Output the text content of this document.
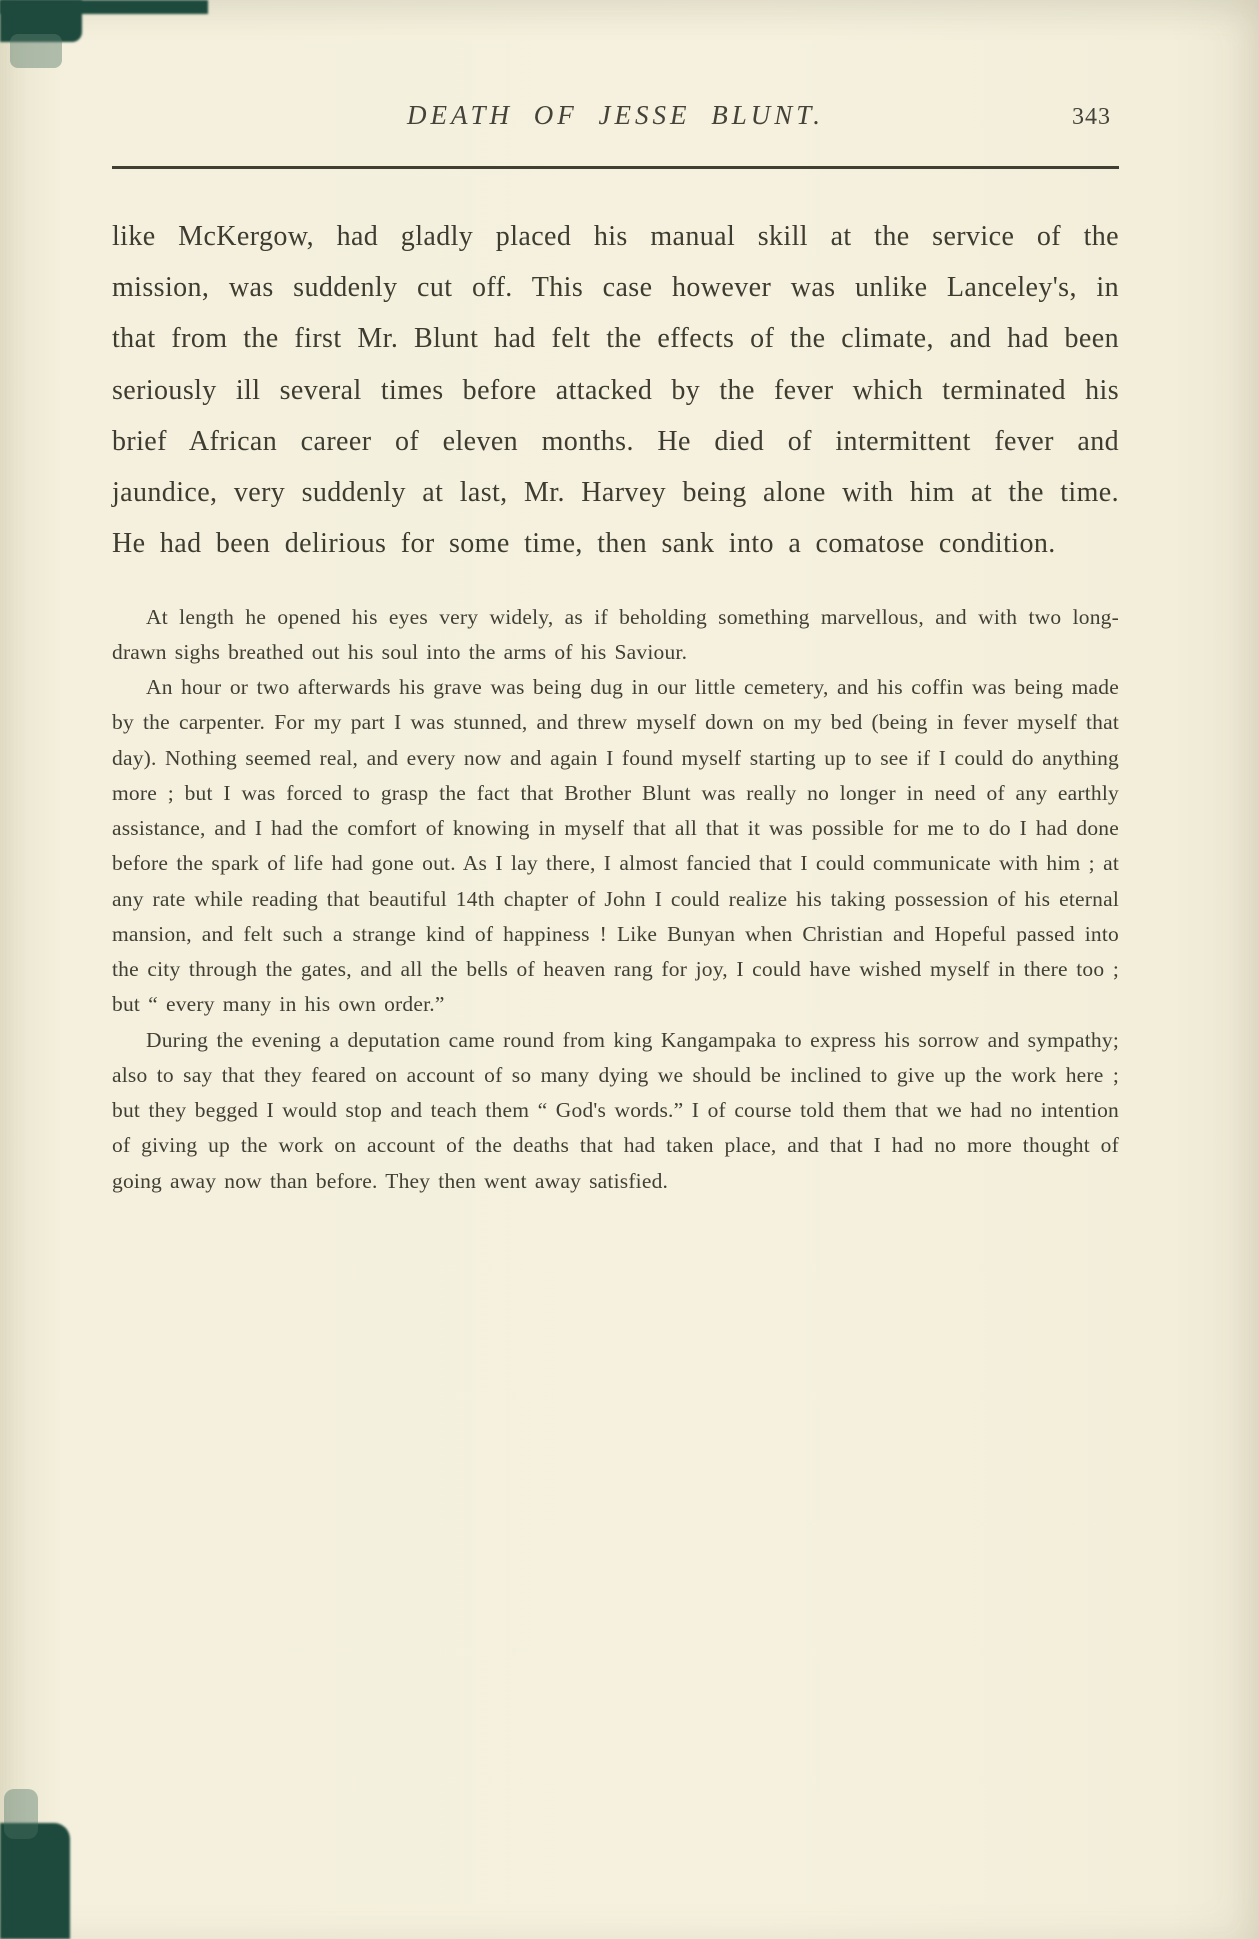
DEATH OF JESSE BLUNT.	343

like McKergow, had gladly placed his manual skill at the service of the mission, was suddenly cut off. This case however was unlike Lanceley's, in that from the first Mr. Blunt had felt the effects of the climate, and had been seriously ill several times before attacked by the fever which terminated his brief African career of eleven months. He died of intermittent fever and jaundice, very suddenly at last, Mr. Harvey being alone with him at the time. He had been delirious for some time, then sank into a comatose condition.

At length he opened his eyes very widely, as if beholding something marvellous, and with two long-drawn sighs breathed out his soul into the arms of his Saviour.

An hour or two afterwards his grave was being dug in our little cemetery, and his coffin was being made by the carpenter. For my part I was stunned, and threw myself down on my bed (being in fever myself that day). Nothing seemed real, and every now and again I found myself starting up to see if I could do anything more ; but I was forced to grasp the fact that Brother Blunt was really no longer in need of any earthly assistance, and I had the comfort of knowing in myself that all that it was possible for me to do I had done before the spark of life had gone out. As I lay there, I almost fancied that I could communicate with him ; at any rate while reading that beautiful 14th chapter of John I could realize his taking possession of his eternal mansion, and felt such a strange kind of happiness ! Like Bunyan when Christian and Hopeful passed into the city through the gates, and all the bells of heaven rang for joy, I could have wished myself in there too ; but “ every many in his own order.”

During the evening a deputation came round from king Kangampaka to express his sorrow and sympathy; also to say that they feared on account of so many dying we should be inclined to give up the work here ; but they begged I would stop and teach them “ God's words.” I of course told them that we had no intention of giving up the work on account of the deaths that had taken place, and that I had no more thought of going away now than before. They then went away satisfied.
